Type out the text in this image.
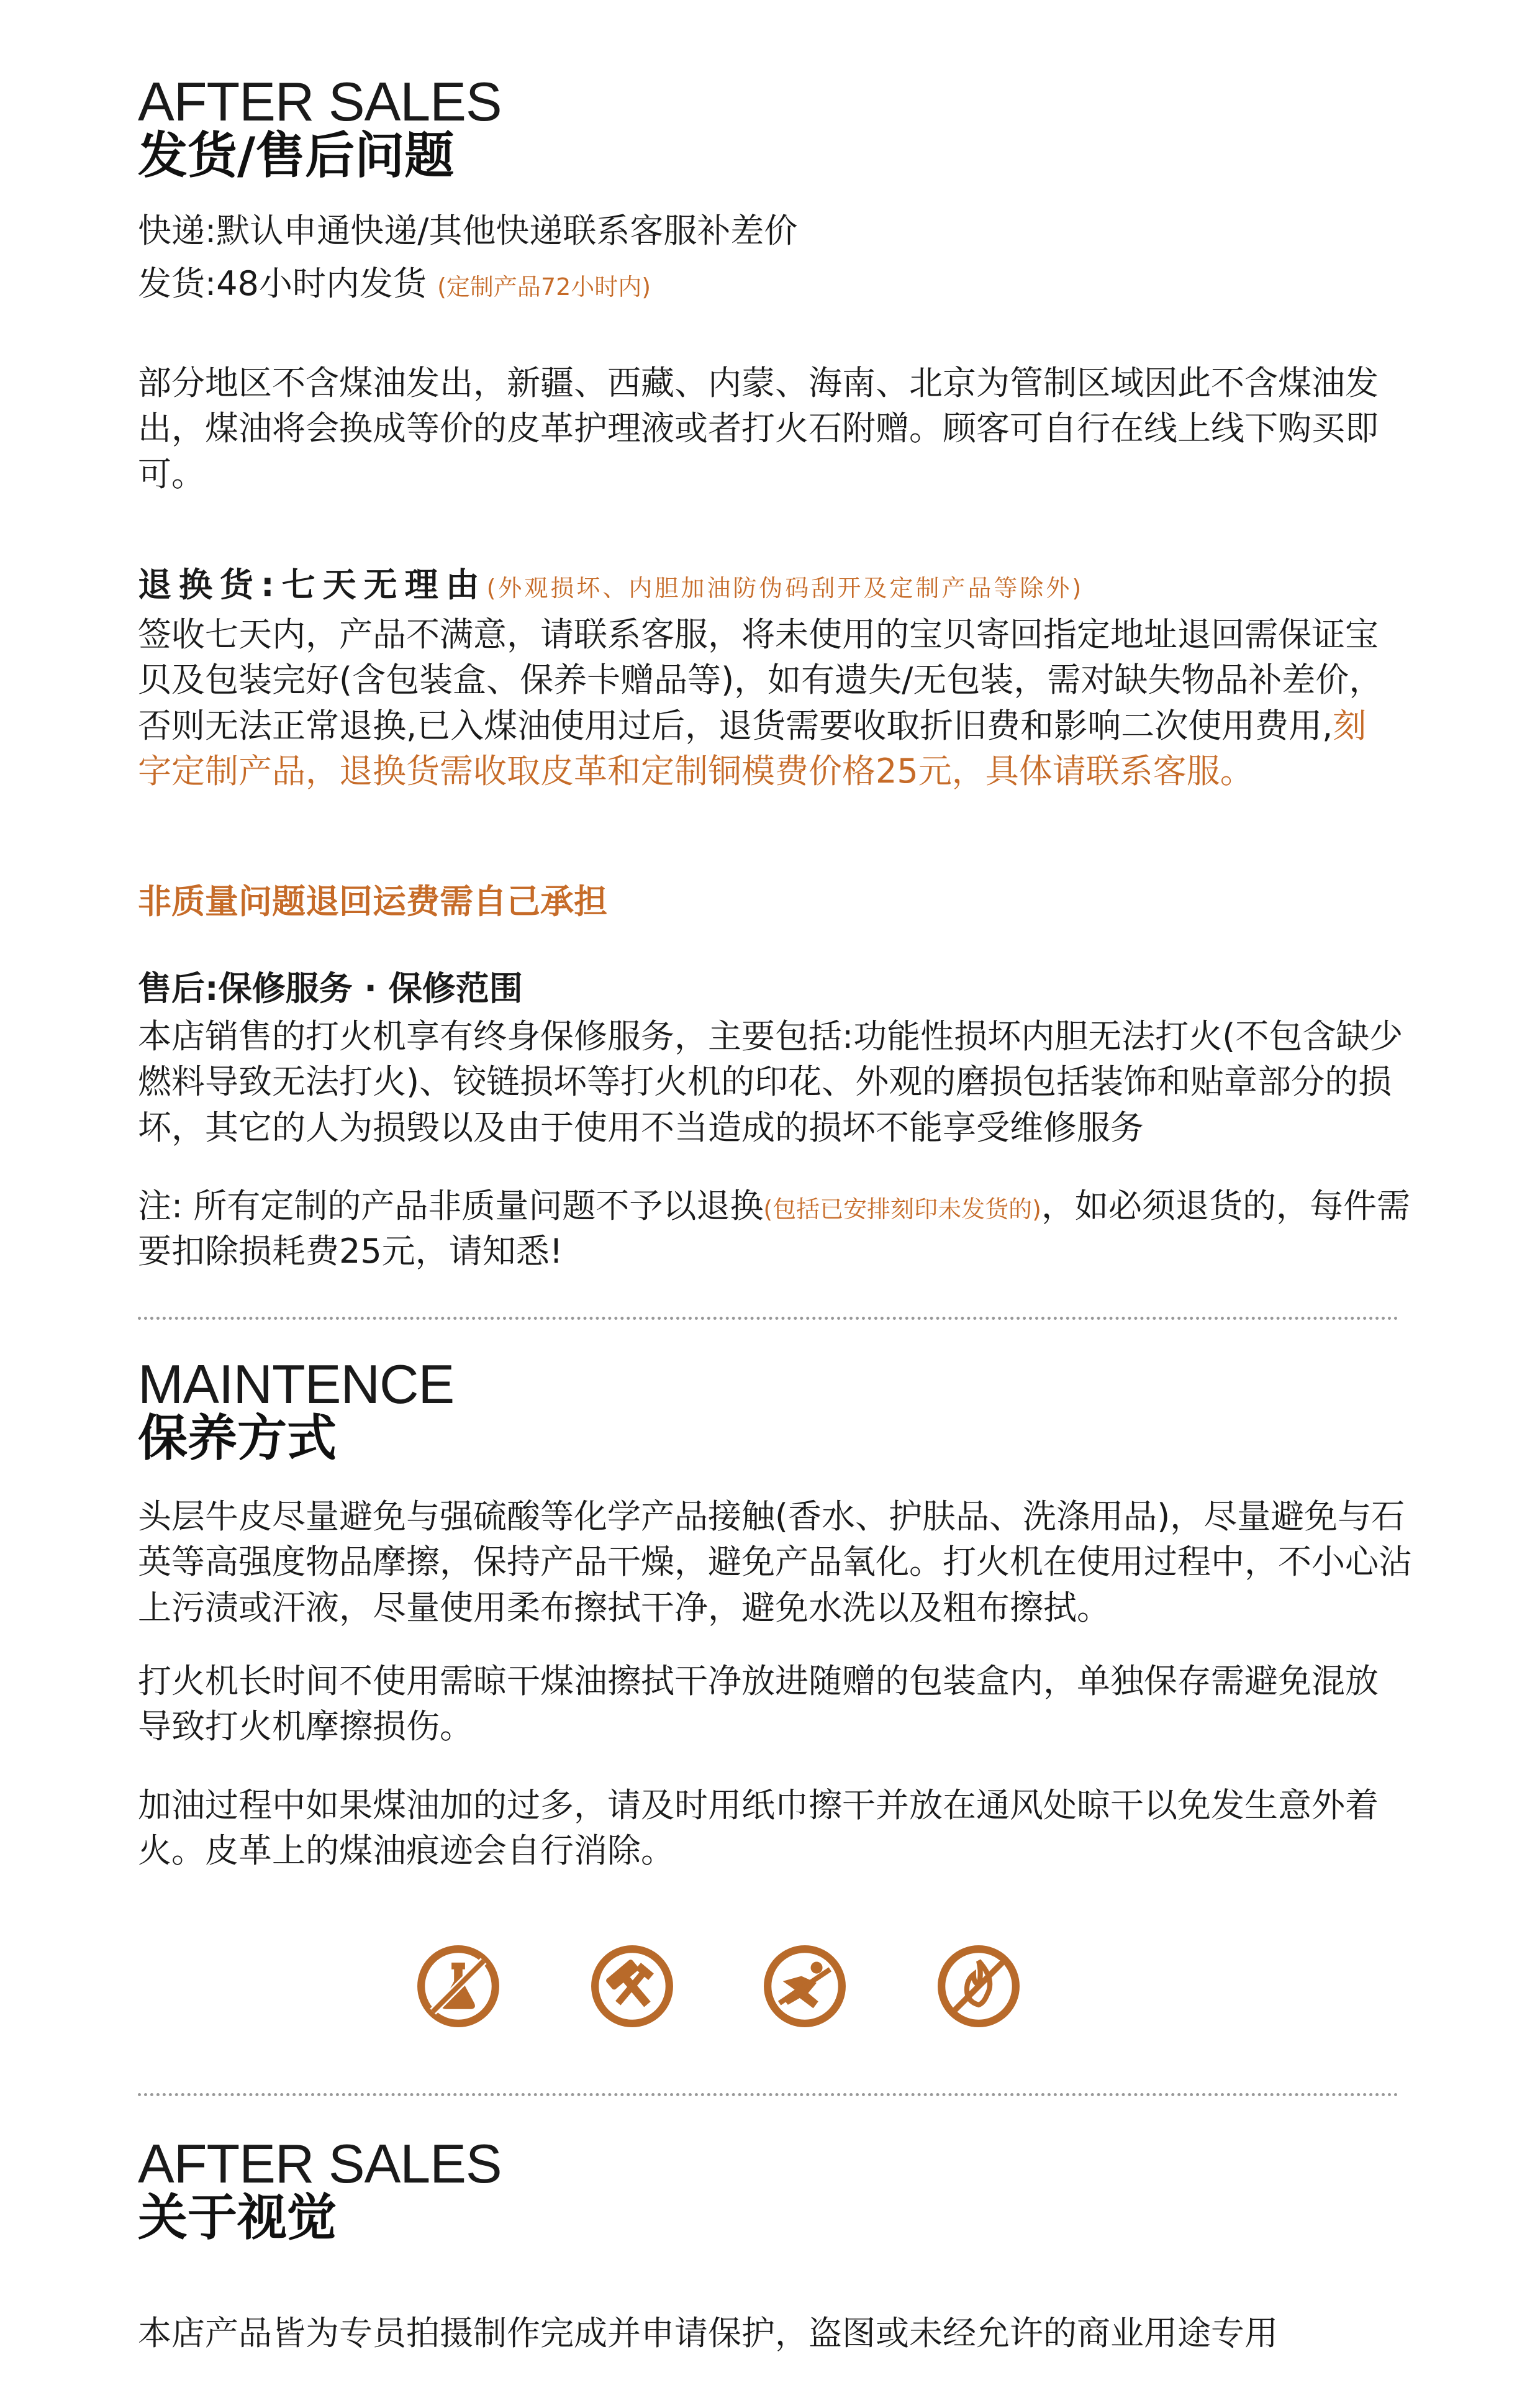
AFTER SALES
发货/售后问题

快递:默认申通快递/其他快递联系客服补差价

发货:48小时内发货 (定制产品72小时内)

部分地区不含煤油发出，新疆、西藏、内蒙、海南、北京为管制区域因此不含煤油发出，煤油将会换成等价的皮革护理液或者打火石附赠。顾客可自行在线上线下购买即可。

退换货:七天无理由(外观损坏、内胆加油防伪码刮开及定制产品等除外)

签收七天内，产品不满意，请联系客服，将未使用的宝贝寄回指定地址退回需保证宝贝及包装完好(含包装盒、保养卡赠品等)，如有遗失/无包装，需对缺失物品补差价，否则无法正常退换,已入煤油使用过后，退货需要收取折旧费和影响二次使用费用,刻字定制产品，退换货需收取皮革和定制铜模费价格25元，具体请联系客服。

非质量问题退回运费需自己承担

售后:保修服务 · 保修范围

本店销售的打火机享有终身保修服务，主要包括:功能性损坏内胆无法打火(不包含缺少燃料导致无法打火)、铰链损坏等打火机的印花、外观的磨损包括装饰和贴章部分的损坏，其它的人为损毁以及由于使用不当造成的损坏不能享受维修服务

注: 所有定制的产品非质量问题不予以退换(包括已安排刻印未发货的)，如必须退货的，每件需要扣除损耗费25元，请知悉!

MAINTENCE
保养方式

头层牛皮尽量避免与强硫酸等化学产品接触(香水、护肤品、洗涤用品)，尽量避免与石英等高强度物品摩擦，保持产品干燥，避免产品氧化。打火机在使用过程中，不小心沾上污渍或汗液，尽量使用柔布擦拭干净，避免水洗以及粗布擦拭。

打火机长时间不使用需晾干煤油擦拭干净放进随赠的包装盒内，单独保存需避免混放导致打火机摩擦损伤。

加油过程中如果煤油加的过多，请及时用纸巾擦干并放在通风处晾干以免发生意外着火。皮革上的煤油痕迹会自行消除。

AFTER SALES
关于视觉

本店产品皆为专员拍摄制作完成并申请保护，盗图或未经允许的商业用途专用
